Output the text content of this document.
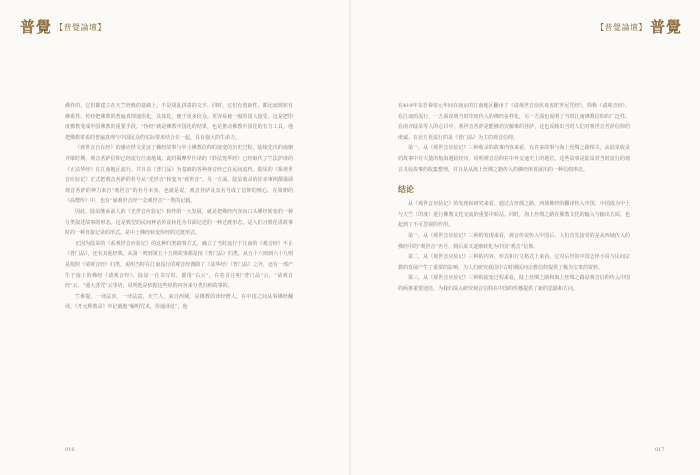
普覺 【普覺論壇】

佛作的。它们都建立在天竺经典的基础上，不是胡乱拼凑的文字。同时，它们有创新性，都比较简短有佛系性，传经把佛教的普遍真理通俗化，具体化，便于更多信众。更容易被一般的国人接受。这是把印度佛教变成中国佛教的重要手段。“伪经”就是佛教中国化的结果，也是推动佛教中国化的有力工具。他把佛教常说的普遍真理与中国民众的实际要求结合在一起，具有强大的生命力。

《观世音自在经》的感应经文见证了佛经故事与中土佛教信仰的演变的历史过程。陆续先出的南朝齐梁时期，观音菩萨信仰已经流行江南地域。此时揭摩罗什译的《妙法莲华经》已经取代了竺法护译的《正法华经》在江南地区流行。并且以《普门品》为基础的各种观音经已在民间流传。陆杲的《系观世音应验记》正式把观音菩萨的名号从“光世音”转变为“观世音”。另一方面，陆杲收录的许多事例都强调观音菩萨的神力来自“观世音”的名号本身。也就是说，观音菩萨及其名号成了信仰的核心。在梁朝的《高僧传》中，也有“诵观世音经”“念观世音”一类的记载。

因此，陆杲继承前人的《光世音应验记》和作的一大发展，就是把佛经内容向口头佛经转变的一种分类叙述故事的形态。这是典型的民间神话传说转化为书面记述的一种过渡形态，是人们习惯化讲故事时的一种直接记录的形式。是中土佛经转变传经的过渡形式。

正因为陆杲的《系观世音应验记》的这种归类叙事方式，确立了当时流行于江南的《观音经》不止《普门品》，还有其他经典。从第一则到第五十五则故事都是按《普门品》归类。从五十六则到六十九则是按照《请观音经》归类，说明当时在江南流行的观音经典除了《法华经》《普门品》之外，还有一部产生于南土的佛经《请观音经》。陆杲一在书写时，都用“右云”，在卷首注明“普门品”云，“请观音经”云，“通大悲咒”云等语，说明他是依据这些经的内容来分类归纳故事的。

竺难提，一译法喜，一译法意，天竺人，来自西域，是佛教的译经僧人。在中国之间从事佛经翻译，《开元释教录》中记载他“解明咒术，传通译仗”，他

016
【普覺論壇】 普覺

在419年东晋恭帝元年间在南京的江南地区翻译了《请观世音消伏毒害陀罗尼咒经》，简称《请观音经》。在江南的流行，一方面说明当时印度传入的佛经多样化，另一方面也说明了当时江南佛教信仰的广泛性。在南齐陆杲等人的心目中，观世音菩萨是能够消灾解难的菩萨，这也反映出当时人们对观世音菩萨信仰的虔诚。在北方更流行的是《普门品》为主的观音信仰。

第一，从《观世音应验记》三种收录的故事内容来看，有许多故事与海上丝绸之路相关。从陆杲收录的故事中有大量的航海遇险经历，说明观音信仰在中外交通史上的地位。这些故事是陆杲对当时流行的观音灵验故事的收集整理，并且是从海上丝绸之路传入的佛经所发展出的一种信仰形态。

结论

从《观世音应验记》的发现和研究来看，通过古丝绸之路，西域佛经的翻译传入中国，中国成为中土与天竺（印度）进行佛教文化交流的重要中转站。同时，海上丝绸之路在佛教文化的输入与输出方面，也起到了不可忽视的作用。

第一，从《观世音应验记》三种的发现来看，观音传说传入中国后，人们首先接受的是从西域传入的佛经中的“观世音”名号，到后来又逐渐转化为中国“观音”信仰。

第二，从《观世音应验记》三种的内容、形式和行文格式上来看，它对后世的中国志怪小说与民间宗教的发展产生了重要的影响，为人们研究我国中古时期民间宗教信仰提供了极为宝贵的资料。

第三，从《观世音应验记》三种的流变过程来看，陆上丝绸之路和海上丝绸之路是观音信仰传入中国的两条重要途径，为我们深入研究观音信仰在中国的传播提供了新的思路和方向。

017
